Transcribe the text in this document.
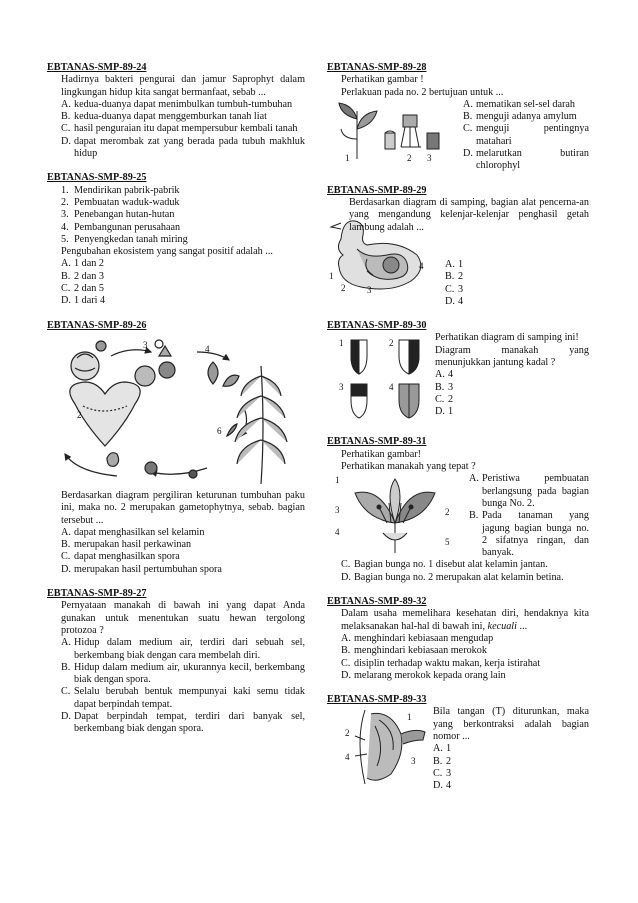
EBTANAS-SMP-89-24
Hadirnya bakteri pengurai dan jamur Saprophyt dalam lingkungan hidup kita sangat bermanfaat, sebab ...
A. kedua-duanya dapat menimbulkan tumbuh-tumbuhan
B. kedua-duanya dapat menggemburkan tanah liat
C. hasil penguraian itu dapat mempersubur kembali tanah
D. dapat merombak zat yang berada pada tubuh makhluk hidup
EBTANAS-SMP-89-25
1. Mendirikan pabrik-pabrik
2. Pembuatan waduk-waduk
3. Penebangan hutan-hutan
4. Pembangunan perusahaan
5. Penyengkedan tanah miring
Pengubahan ekosistem yang sangat positif adalah ...
A. 1 dan 2
B. 2 dan 3
C. 2 dan 5
D. 1 dari 4
EBTANAS-SMP-89-26
2
3	4
6
Berdasarkan diagram pergiliran keturunan tumbuhan paku ini, maka no. 2 merupakan gametophytnya, sebab. bagian tersebut ...
A. dapat menghasilkan sel kelamin
B. merupakan hasil perkawinan
C. dapat menghasilkan spora
D. merupakan hasil pertumbuhan spora
EBTANAS-SMP-89-27
Pernyataan manakah di bawah ini yang dapat Anda gunakan untuk menentukan suatu hewan tergolong protozoa ?
A. Hidup dalam medium air, terdiri dari sebuah sel, berkembang biak dengan cara membelah diri.
B. Hidup dalam medium air, ukurannya kecil, berkembang biak dengan spora.
C. Selalu berubah bentuk mempunyai kaki semu tidak dapat berpindah tempat.
D. Dapat berpindah tempat, terdiri dari banyak sel, berkembang biak dengan spora.
EBTANAS-SMP-89-28
Perhatikan gambar !
Perlakuan pada no. 2 bertujuan untuk ...
1	2 3
A. mematikan sel-sel darah
B. menguji adanya amylum
C. menguji pentingnya matahari
D. melarutkan butiran chlorophyl
EBTANAS-SMP-89-29
1
2 3
4
Berdasarkan diagram di samping, bagian alat pencerna-an yang mengandung kelenjar-kelenjar penghasil getah lambung adalah ...
A. 1
B. 2
C. 3
D. 4
EBTANAS-SMP-89-30
1	2
3	4
Perhatikan diagram di samping ini!
Diagram manakah yang menunjukkan jantung kadal ?
A. 4
B. 3
C. 2
D. 1
EBTANAS-SMP-89-31
Perhatikan gambar!
Perhatikan manakah yang tepat ?
1
2
3
4
5
A. Peristiwa pembuatan berlangsung pada bagian bunga No. 2.
B. Pada tanaman yang jagung bagian bunga no. 2 sifatnya ringan, dan banyak.
C. Bagian bunga no. 1 disebut alat kelamin jantan.
D. Bagian bunga no. 2 merupakan alat kelamin betina.
EBTANAS-SMP-89-32
Dalam usaha memelihara kesehatan diri, hendaknya kita melaksanakan hal-hal di bawah ini, kecuali ...
A. menghindari kebiasaan mengudap
B. menghindari kebiasaan merokok
C. disiplin terhadap waktu makan, kerja istirahat
D. melarang merokok kepada orang lain
EBTANAS-SMP-89-33
2
4
1
3
Bila tangan (T) diturunkan, maka yang berkontraksi adalah bagian nomor ...
A. 1
B. 2
C. 3
D. 4
